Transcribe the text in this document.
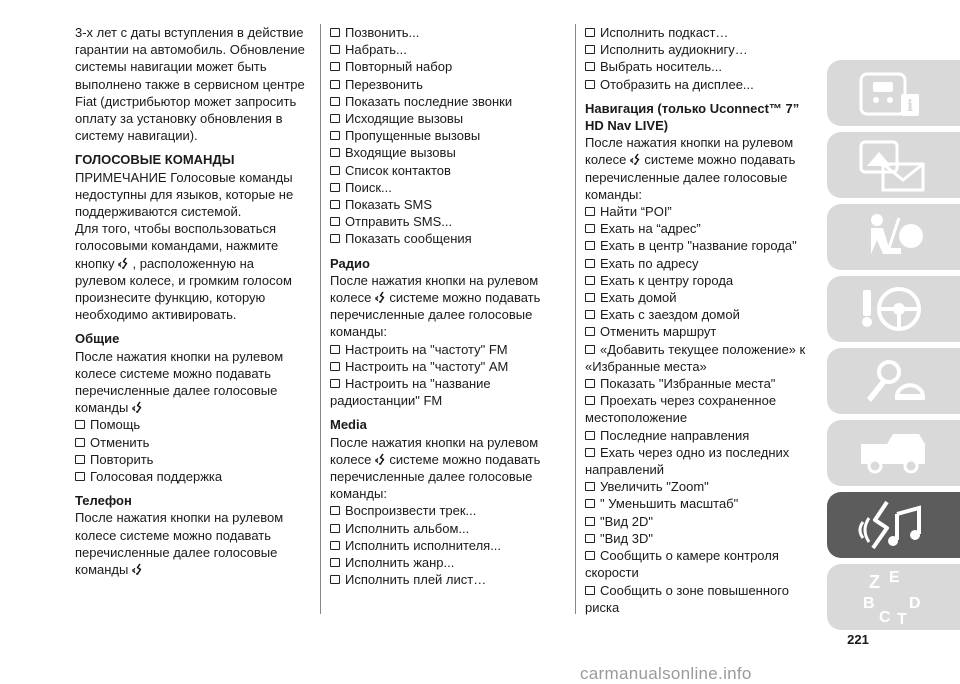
3-х лет с даты вступления в действие

гарантии на автомобиль. Обновление

системы навигации может быть

выполнено также в сервисном центре

Fiat (дистрибьютор может запросить

оплату за установку обновления в

систему навигации).

ГОЛОСОВЫЕ КОМАНДЫ

ПРИМЕЧАНИЕ Голосовые команды

недоступны для языков, которые не

поддерживаются системой.

Для того, чтобы воспользоваться

голосовыми командами, нажмите

кнопку , расположенную на

рулевом колесе, и громким голосом

произнесите функцию, которую

необходимо активировать.

Общие

После нажатия кнопки на рулевом

колесе системе можно подавать

перечисленные далее голосовые

команды

Помощь
Отменить
Повторить
Голосовая поддержка

Телефон

После нажатия кнопки на рулевом

колесе системе можно подавать

перечисленные далее голосовые

команды

Позвонить...
Набрать...
Повторный набор
Перезвонить
Показать последние звонки
Исходящие вызовы
Пропущенные вызовы
Входящие вызовы
Список контактов
Поиск...
Показать SMS
Отправить SMS...
Показать сообщения

Радио

После нажатия кнопки на рулевом

колесе системе можно подавать

перечисленные далее голосовые

команды:

Настроить на "частоту" FM
Настроить на "частоту" AM
Настроить на "название

радиостанции" FM

Media

После нажатия кнопки на рулевом

колесе системе можно подавать

перечисленные далее голосовые

команды:

Воспроизвести трек...
Исполнить альбом...
Исполнить исполнителя...
Исполнить жанр...
Исполнить плей лист…
Исполнить подкаст…
Исполнить аудиокнигу…
Выбрать носитель...
Отобразить на дисплее...

Навигация (только Uconnect™ 7”

HD Nav LIVE)

После нажатия кнопки на рулевом

колесе системе можно подавать

перечисленные далее голосовые

команды:

Найти “POI”
Ехать на “адрес”
Ехать в центр "название города"
Ехать по адресу
Ехать к центру города
Ехать домой
Ехать с заездом домой
Отменить маршрут
«Добавить текущее положение» к

«Избранные места»

Показать "Избранные места"
Проехать через сохраненное

местоположение

Последние направления
Ехать через одно из последних

направлений

Увеличить "Zoom"
" Уменьшить масштаб"
"Вид 2D"
"Вид 3D"
Сообщить о камере контроля

скорости

Сообщить о зоне повышенного

риска

i
Z E
B
C T
D
221
carmanualsonline.info
